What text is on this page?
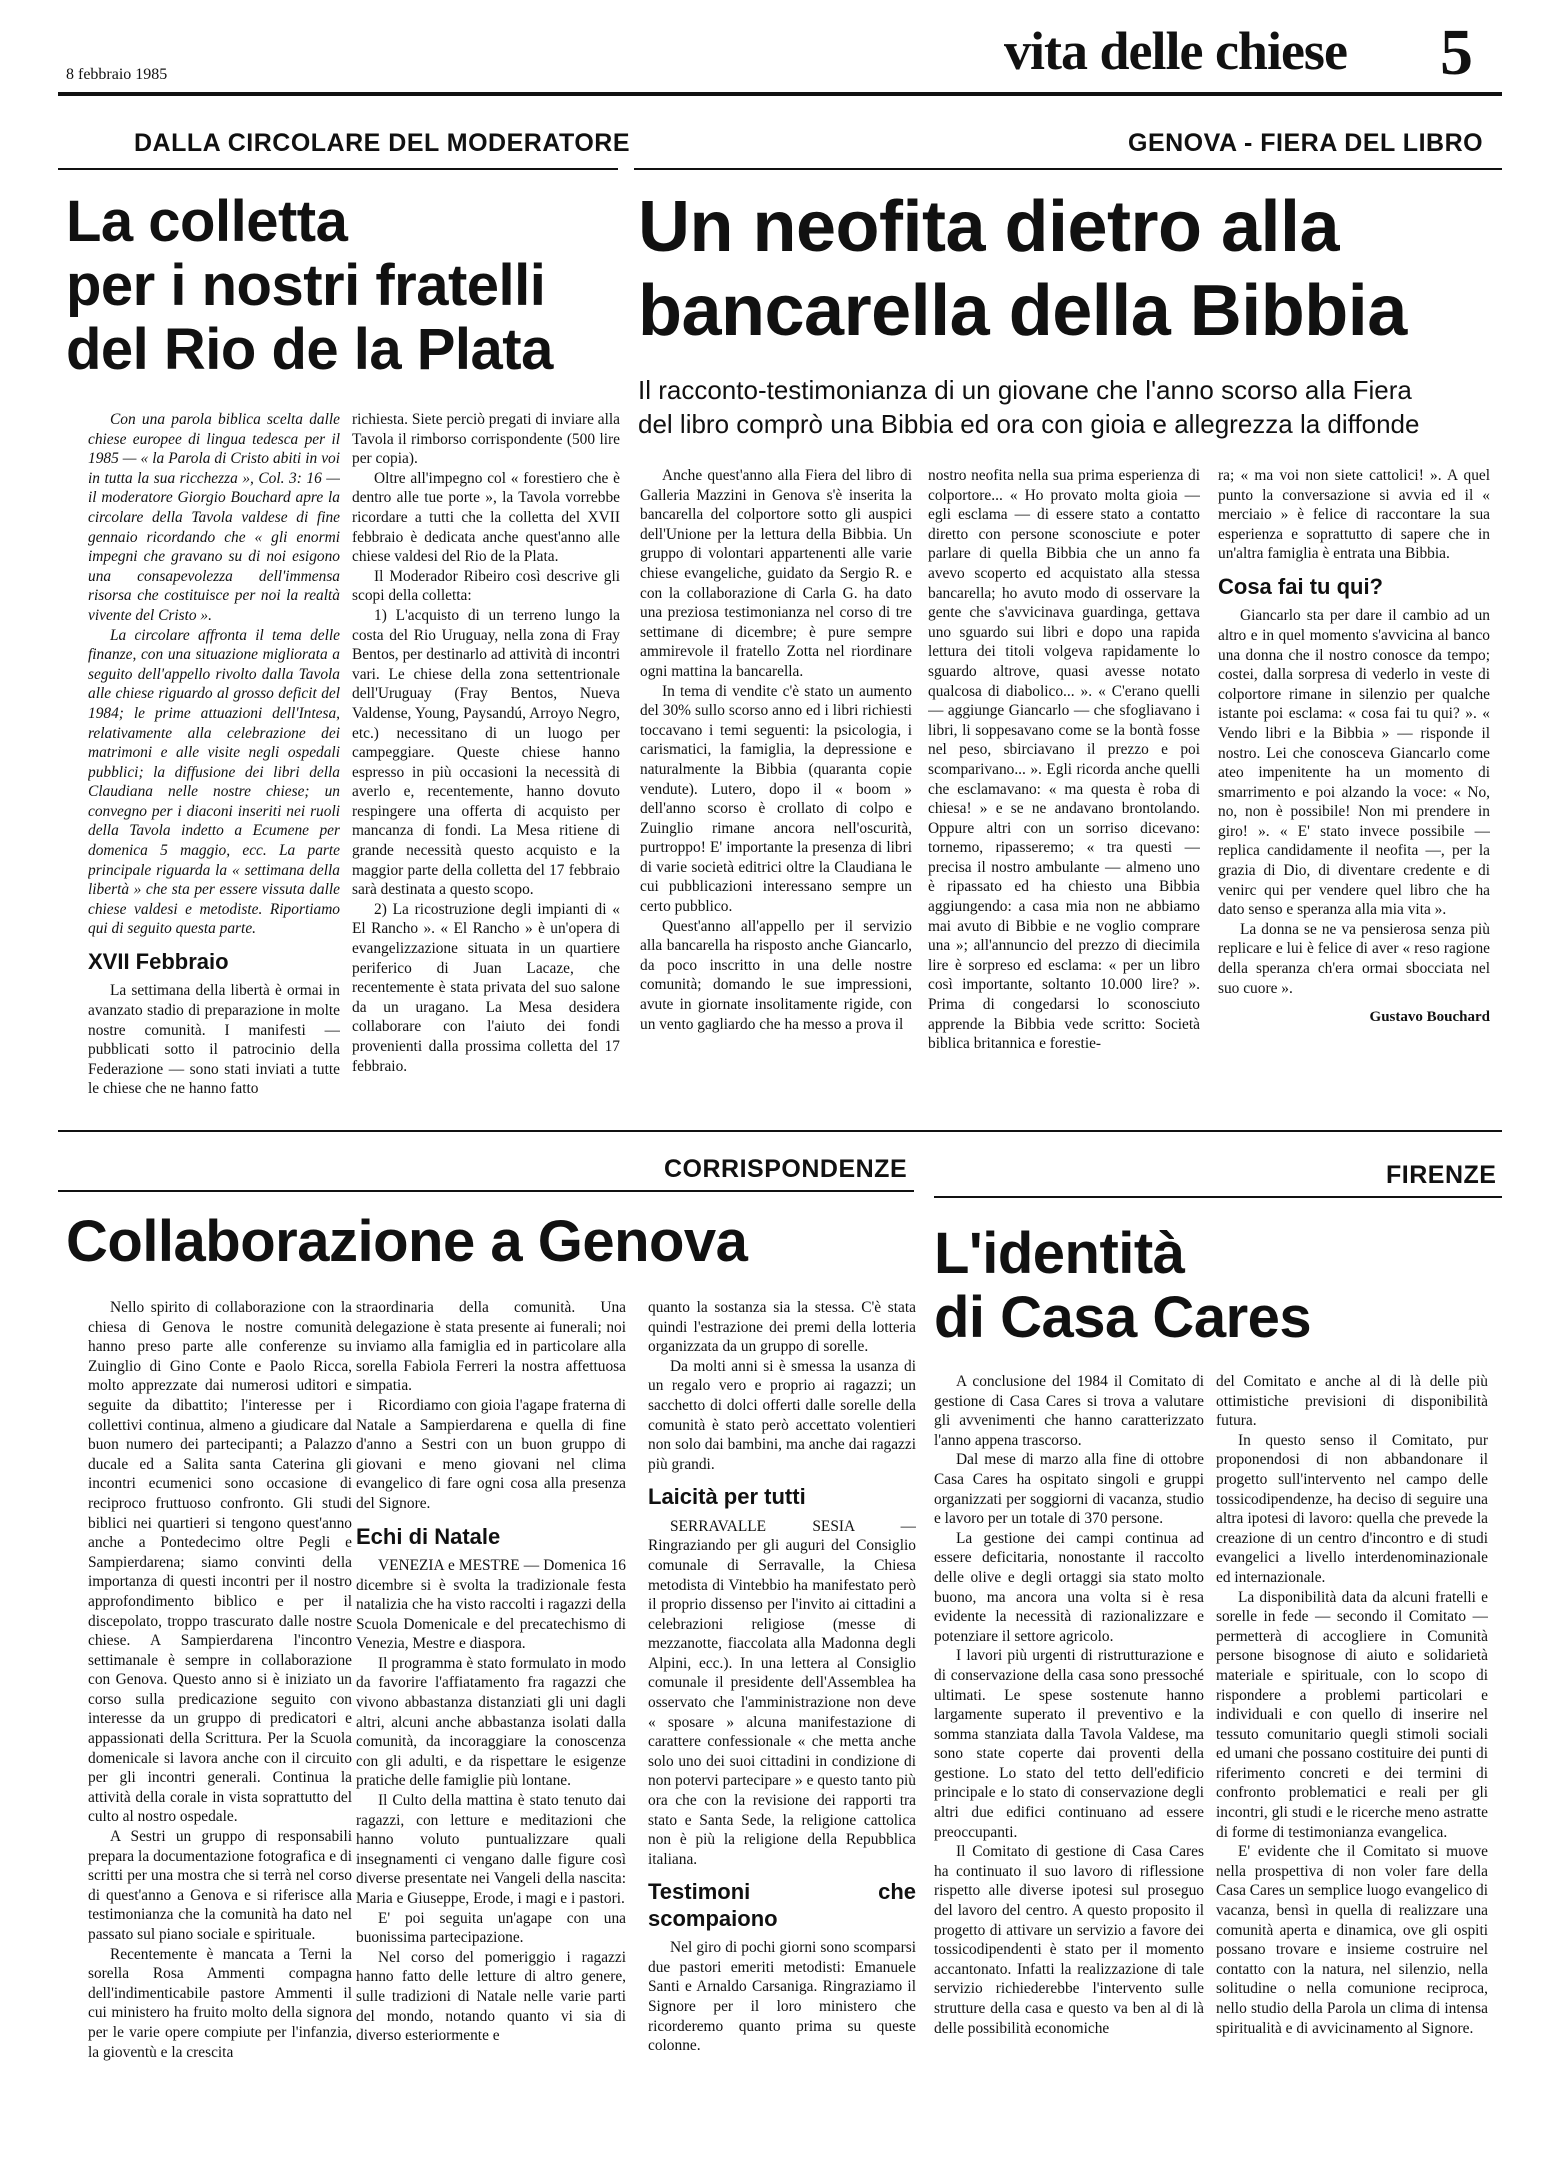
8 febbraio 1985	vita delle chiese 5
DALLA CIRCOLARE DEL MODERATORE
La colletta
per i nostri fratelli
del Rio de la Plata

Con una parola biblica scelta dalle chiese europee di lingua tedesca per il 1985 — « la Parola di Cristo abiti in voi in tutta la sua ricchezza », Col. 3: 16 — il moderatore Giorgio Bouchard apre la circolare della Tavola valdese di fine gennaio ricordando che « gli enormi impegni che gravano su di noi esigono una consapevolezza dell'immensa risorsa che costituisce per noi la realtà vivente del Cristo ».

La circolare affronta il tema delle finanze, con una situazione migliorata a seguito dell'appello rivolto dalla Tavola alle chiese riguardo al grosso deficit del 1984; le prime attuazioni dell'Intesa, relativamente alla celebrazione dei matrimoni e alle visite negli ospedali pubblici; la diffusione dei libri della Claudiana nelle nostre chiese; un convegno per i diaconi inseriti nei ruoli della Tavola indetto a Ecumene per domenica 5 maggio, ecc. La parte principale riguarda la « settimana della libertà » che sta per essere vissuta dalle chiese valdesi e metodiste. Riportiamo qui di seguito questa parte.

XVII Febbraio

La settimana della libertà è ormai in avanzato stadio di preparazione in molte nostre comunità. I manifesti — pubblicati sotto il patrocinio della Federazione — sono stati inviati a tutte le chiese che ne hanno fatto

richiesta. Siete perciò pregati di inviare alla Tavola il rimborso corrispondente (500 lire per copia).

Oltre all'impegno col « forestiero che è dentro alle tue porte », la Tavola vorrebbe ricordare a tutti che la colletta del XVII febbraio è dedicata anche quest'anno alle chiese valdesi del Rio de la Plata.

Il Moderador Ribeiro così descrive gli scopi della colletta:

1) L'acquisto di un terreno lungo la costa del Rio Uruguay, nella zona di Fray Bentos, per destinarlo ad attività di incontri vari. Le chiese della zona settentrionale dell'Uruguay (Fray Bentos, Nueva Valdense, Young, Paysandú, Arroyo Negro, etc.) necessitano di un luogo per campeggiare. Queste chiese hanno espresso in più occasioni la necessità di averlo e, recentemente, hanno dovuto respingere una offerta di acquisto per mancanza di fondi. La Mesa ritiene di grande necessità questo acquisto e la maggior parte della colletta del 17 febbraio sarà destinata a questo scopo.

2) La ricostruzione degli impianti di « El Rancho ». « El Rancho » è un'opera di evangelizzazione situata in un quartiere periferico di Juan Lacaze, che recentemente è stata privata del suo salone da un uragano. La Mesa desidera collaborare con l'aiuto dei fondi provenienti dalla prossima colletta del 17 febbraio.

GENOVA - FIERA DEL LIBRO
Un neofita dietro alla
bancarella della Bibbia
Il racconto-testimonianza di un giovane che l'anno scorso alla Fiera
del libro comprò una Bibbia ed ora con gioia e allegrezza la diffonde

Anche quest'anno alla Fiera del libro di Galleria Mazzini in Genova s'è inserita la bancarella del colportore sotto gli auspici dell'Unione per la lettura della Bibbia. Un gruppo di volontari appartenenti alle varie chiese evangeliche, guidato da Sergio R. e con la collaborazione di Carla G. ha dato una preziosa testimonianza nel corso di tre settimane di dicembre; è pure sempre ammirevole il fratello Zotta nel riordinare ogni mattina la bancarella.

In tema di vendite c'è stato un aumento del 30% sullo scorso anno ed i libri richiesti toccavano i temi seguenti: la psicologia, i carismatici, la famiglia, la depressione e naturalmente la Bibbia (quaranta copie vendute). Lutero, dopo il « boom » dell'anno scorso è crollato di colpo e Zuinglio rimane ancora nell'oscurità, purtroppo! E' importante la presenza di libri di varie società editrici oltre la Claudiana le cui pubblicazioni interessano sempre un certo pubblico.

Quest'anno all'appello per il servizio alla bancarella ha risposto anche Giancarlo, da poco inscritto in una delle nostre comunità; domando le sue impressioni, avute in giornate insolitamente rigide, con un vento gagliardo che ha messo a prova il

nostro neofita nella sua prima esperienza di colportore... « Ho provato molta gioia — egli esclama — di essere stato a contatto diretto con persone sconosciute e poter parlare di quella Bibbia che un anno fa avevo scoperto ed acquistato alla stessa bancarella; ho avuto modo di osservare la gente che s'avvicinava guardinga, gettava uno sguardo sui libri e dopo una rapida lettura dei titoli volgeva rapidamente lo sguardo altrove, quasi avesse notato qualcosa di diabolico... ». « C'erano quelli — aggiunge Giancarlo — che sfogliavano i libri, li soppesavano come se la bontà fosse nel peso, sbirciavano il prezzo e poi scomparivano... ». Egli ricorda anche quelli che esclamavano: « ma questa è roba di chiesa! » e se ne andavano brontolando. Oppure altri con un sorriso dicevano: tornemo, ripasseremo; « tra questi — precisa il nostro ambulante — almeno uno è ripassato ed ha chiesto una Bibbia aggiungendo: a casa mia non ne abbiamo mai avuto di Bibbie e ne voglio comprare una »; all'annuncio del prezzo di diecimila lire è sorpreso ed esclama: « per un libro così importante, soltanto 10.000 lire? ». Prima di congedarsi lo sconosciuto apprende la Bibbia vede scritto: Società biblica britannica e forestie-

ra; « ma voi non siete cattolici! ». A quel punto la conversazione si avvia ed il « merciaio » è felice di raccontare la sua esperienza e soprattutto di sapere che in un'altra famiglia è entrata una Bibbia.

Cosa fai tu qui?

Giancarlo sta per dare il cambio ad un altro e in quel momento s'avvicina al banco una donna che il nostro conosce da tempo; costei, dalla sorpresa di vederlo in veste di colportore rimane in silenzio per qualche istante poi esclama: « cosa fai tu qui? ». « Vendo libri e la Bibbia » — risponde il nostro. Lei che conosceva Giancarlo come ateo impenitente ha un momento di smarrimento e poi alzando la voce: « No, no, non è possibile! Non mi prendere in giro! ». « E' stato invece possibile — replica candidamente il neofita —, per la grazia di Dio, di diventare credente e di venirc qui per vendere quel libro che ha dato senso e speranza alla mia vita ».

La donna se ne va pensierosa senza più replicare e lui è felice di aver « reso ragione della speranza ch'era ormai sbocciata nel suo cuore ».

Gustavo Bouchard
CORRISPONDENZE
Collaborazione a Genova

Nello spirito di collaborazione con la chiesa di Genova le nostre comunità hanno preso parte alle conferenze su Zuinglio di Gino Conte e Paolo Ricca, molto apprezzate dai numerosi uditori e seguite da dibattito; l'interesse per i collettivi continua, almeno a giudicare dal buon numero dei partecipanti; a Palazzo ducale ed a Salita santa Caterina gli incontri ecumenici sono occasione di reciproco fruttuoso confronto. Gli studi biblici nei quartieri si tengono quest'anno anche a Pontedecimo oltre Pegli e Sampierdarena; siamo convinti della importanza di questi incontri per il nostro approfondimento biblico e per il discepolato, troppo trascurato dalle nostre chiese. A Sampierdarena l'incontro settimanale è sempre in collaborazione con Genova. Questo anno si è iniziato un corso sulla predicazione seguito con interesse da un gruppo di predicatori e appassionati della Scrittura. Per la Scuola domenicale si lavora anche con il circuito per gli incontri generali. Continua la attività della corale in vista soprattutto del culto al nostro ospedale.

A Sestri un gruppo di responsabili prepara la documentazione fotografica e di scritti per una mostra che si terrà nel corso di quest'anno a Genova e si riferisce alla testimonianza che la comunità ha dato nel passato sul piano sociale e spirituale.

Recentemente è mancata a Terni la sorella Rosa Ammenti compagna dell'indimenticabile pastore Ammenti il cui ministero ha fruito molto della signora per le varie opere compiute per l'infanzia, la gioventù e la crescita

straordinaria della comunità. Una delegazione è stata presente ai funerali; noi inviamo alla famiglia ed in particolare alla sorella Fabiola Ferreri la nostra affettuosa simpatia.

Ricordiamo con gioia l'agape fraterna di Natale a Sampierdarena e quella di fine d'anno a Sestri con un buon gruppo di giovani e meno giovani nel clima evangelico di fare ogni cosa alla presenza del Signore.

Echi di Natale

VENEZIA e MESTRE — Domenica 16 dicembre si è svolta la tradizionale festa natalizia che ha visto raccolti i ragazzi della Scuola Domenicale e del precatechismo di Venezia, Mestre e diaspora.

Il programma è stato formulato in modo da favorire l'affiatamento fra ragazzi che vivono abbastanza distanziati gli uni dagli altri, alcuni anche abbastanza isolati dalla comunità, da incoraggiare la conoscenza con gli adulti, e da rispettare le esigenze pratiche delle famiglie più lontane.

Il Culto della mattina è stato tenuto dai ragazzi, con letture e meditazioni che hanno voluto puntualizzare quali insegnamenti ci vengano dalle figure così diverse presentate nei Vangeli della nascita: Maria e Giuseppe, Erode, i magi e i pastori.

E' poi seguita un'agape con una buonissima partecipazione.

Nel corso del pomeriggio i ragazzi hanno fatto delle letture di altro genere, sulle tradizioni di Natale nelle varie parti del mondo, notando quanto vi sia di diverso esteriormente e

quanto la sostanza sia la stessa. C'è stata quindi l'estrazione dei premi della lotteria organizzata da un gruppo di sorelle.

Da molti anni si è smessa la usanza di un regalo vero e proprio ai ragazzi; un sacchetto di dolci offerti dalle sorelle della comunità è stato però accettato volentieri non solo dai bambini, ma anche dai ragazzi più grandi.

Laicità per tutti

SERRAVALLE SESIA — Ringraziando per gli auguri del Consiglio comunale di Serravalle, la Chiesa metodista di Vintebbio ha manifestato però il proprio dissenso per l'invito ai cittadini a celebrazioni religiose (messe di mezzanotte, fiaccolata alla Madonna degli Alpini, ecc.). In una lettera al Consiglio comunale il presidente dell'Assemblea ha osservato che l'amministrazione non deve « sposare » alcuna manifestazione di carattere confessionale « che metta anche solo uno dei suoi cittadini in condizione di non potervi partecipare » e questo tanto più ora che con la revisione dei rapporti tra stato e Santa Sede, la religione cattolica non è più la religione della Repubblica italiana.

Testimoni che scompaiono

Nel giro di pochi giorni sono scomparsi due pastori emeriti metodisti: Emanuele Santi e Arnaldo Carsaniga. Ringraziamo il Signore per il loro ministero che ricorderemo quanto prima su queste colonne.

FIRENZE
L'identità
di Casa Cares

A conclusione del 1984 il Comitato di gestione di Casa Cares si trova a valutare gli avvenimenti che hanno caratterizzato l'anno appena trascorso.

Dal mese di marzo alla fine di ottobre Casa Cares ha ospitato singoli e gruppi organizzati per soggiorni di vacanza, studio e lavoro per un totale di 370 persone.

La gestione dei campi continua ad essere deficitaria, nonostante il raccolto delle olive e degli ortaggi sia stato molto buono, ma ancora una volta si è resa evidente la necessità di razionalizzare e potenziare il settore agricolo.

I lavori più urgenti di ristrutturazione e di conservazione della casa sono pressoché ultimati. Le spese sostenute hanno largamente superato il preventivo e la somma stanziata dalla Tavola Valdese, ma sono state coperte dai proventi della gestione. Lo stato del tetto dell'edificio principale e lo stato di conservazione degli altri due edifici continuano ad essere preoccupanti.

Il Comitato di gestione di Casa Cares ha continuato il suo lavoro di riflessione rispetto alle diverse ipotesi sul proseguo del lavoro del centro. A questo proposito il progetto di attivare un servizio a favore dei tossicodipendenti è stato per il momento accantonato. Infatti la realizzazione di tale servizio richiederebbe l'intervento sulle strutture della casa e questo va ben al di là delle possibilità economiche

del Comitato e anche al di là delle più ottimistiche previsioni di disponibilità futura.

In questo senso il Comitato, pur proponendosi di non abbandonare il progetto sull'intervento nel campo delle tossicodipendenze, ha deciso di seguire una altra ipotesi di lavoro: quella che prevede la creazione di un centro d'incontro e di studi evangelici a livello interdenominazionale ed internazionale.

La disponibilità data da alcuni fratelli e sorelle in fede — secondo il Comitato — permetterà di accogliere in Comunità persone bisognose di aiuto e solidarietà materiale e spirituale, con lo scopo di rispondere a problemi particolari e individuali e con quello di inserire nel tessuto comunitario quegli stimoli sociali ed umani che possano costituire dei punti di riferimento concreti e dei termini di confronto problematici e reali per gli incontri, gli studi e le ricerche meno astratte di forme di testimonianza evangelica.

E' evidente che il Comitato si muove nella prospettiva di non voler fare della Casa Cares un semplice luogo evangelico di vacanza, bensì in quella di realizzare una comunità aperta e dinamica, ove gli ospiti possano trovare e insieme costruire nel contatto con la natura, nel silenzio, nella solitudine o nella comunione reciproca, nello studio della Parola un clima di intensa spiritualità e di avvicinamento al Signore.
